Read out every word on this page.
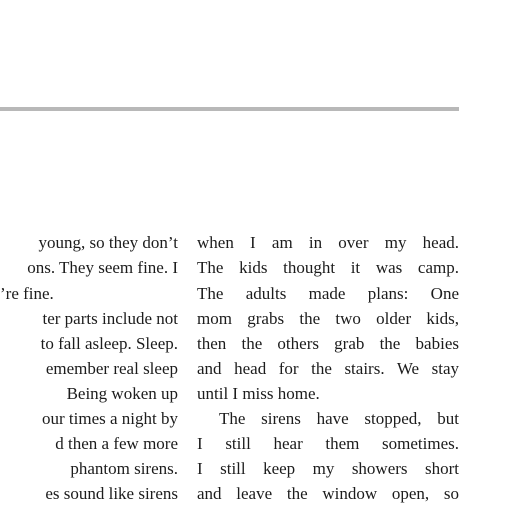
young, so they don’t
ons. They seem fine. I
’re fine.
ter parts include not
to fall asleep. Sleep.
emember real sleep
Being woken up
our times a night by
d then a few more
phantom sirens.
es sound like sirens
when I am in over my head.
The kids thought it was camp.
The adults made plans: One
mom grabs the two older kids,
then the others grab the babies
and head for the stairs. We stay
until I miss home.
The sirens have stopped, but
I still hear them sometimes.
I still keep my showers short
and leave the window open, so
